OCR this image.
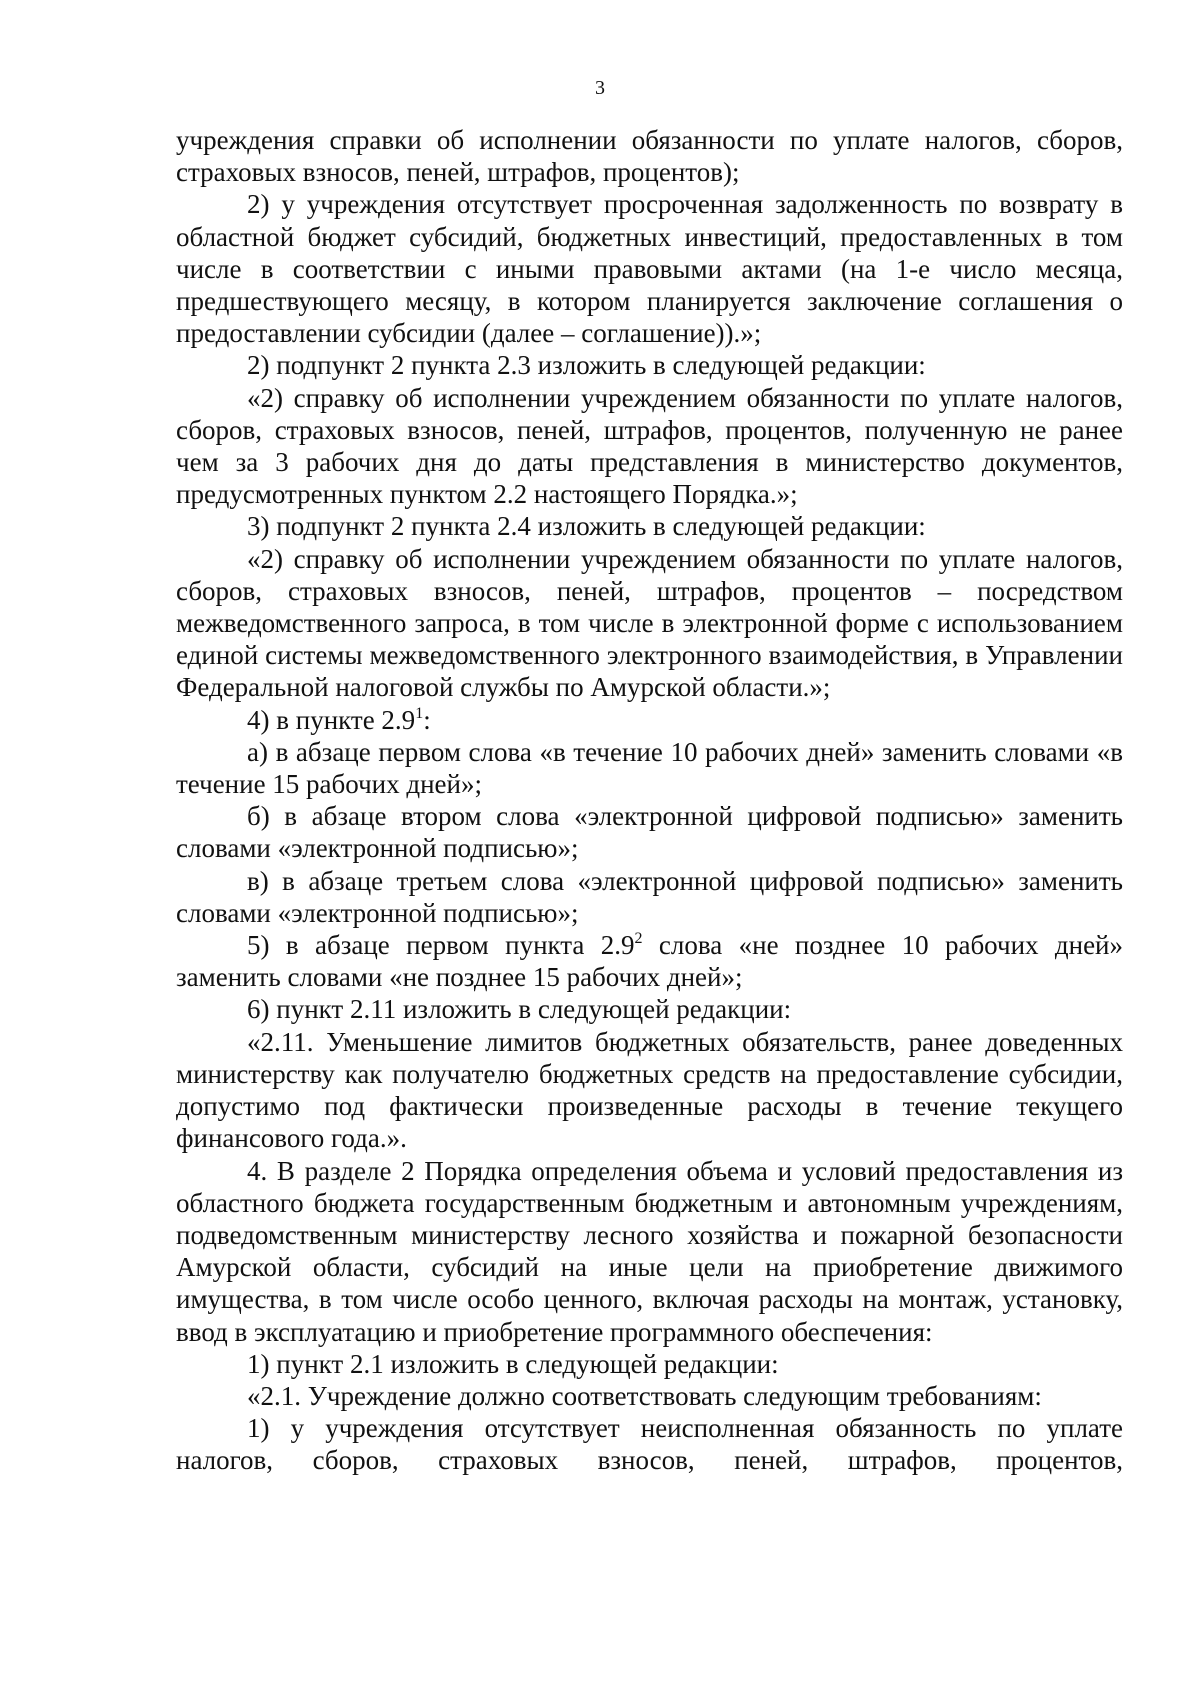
3

учреждения справки об исполнении обязанности по уплате налогов, сборов, страховых взносов, пеней, штрафов, процентов);

2) у учреждения отсутствует просроченная задолженность по возврату в областной бюджет субсидий, бюджетных инвестиций, предоставленных в том числе в соответствии с иными правовыми актами (на 1-е число месяца, предшествующего месяцу, в котором планируется заключение соглашения о предоставлении субсидии (далее – соглашение)).»;

2) подпункт 2 пункта 2.3 изложить в следующей редакции:

«2) справку об исполнении учреждением обязанности по уплате налогов, сборов, страховых взносов, пеней, штрафов, процентов, полученную не ранее чем за 3 рабочих дня до даты представления в министерство документов, предусмотренных пунктом 2.2 настоящего Порядка.»;

3) подпункт 2 пункта 2.4 изложить в следующей редакции:

«2) справку об исполнении учреждением обязанности по уплате налогов, сборов, страховых взносов, пеней, штрафов, процентов – посредством межведомственного запроса, в том числе в электронной форме с использованием единой системы межведомственного электронного взаимодействия, в Управлении Федеральной налоговой службы по Амурской области.»;

4) в пункте $2.9^1$:

а) в абзаце первом слова «в течение 10 рабочих дней» заменить словами «в течение 15 рабочих дней»;

б) в абзаце втором слова «электронной цифровой подписью» заменить словами «электронной подписью»;

в) в абзаце третьем слова «электронной цифровой подписью» заменить словами «электронной подписью»;

5) в абзаце первом пункта $2.9^2$ слова «не позднее 10 рабочих дней» заменить словами «не позднее 15 рабочих дней»;

6) пункт 2.11 изложить в следующей редакции:

«2.11. Уменьшение лимитов бюджетных обязательств, ранее доведенных министерству как получателю бюджетных средств на предоставление субсидии, допустимо под фактически произведенные расходы в течение текущего финансового года.».

4. В разделе 2 Порядка определения объема и условий предоставления из областного бюджета государственным бюджетным и автономным учреждениям, подведомственным министерству лесного хозяйства и пожарной безопасности Амурской области, субсидий на иные цели на приобретение движимого имущества, в том числе особо ценного, включая расходы на монтаж, установку, ввод в эксплуатацию и приобретение программного обеспечения:

1) пункт 2.1 изложить в следующей редакции:

«2.1. Учреждение должно соответствовать следующим требованиям:

1) у учреждения отсутствует неисполненная обязанность по уплате налогов, сборов, страховых взносов, пеней, штрафов, процентов,
